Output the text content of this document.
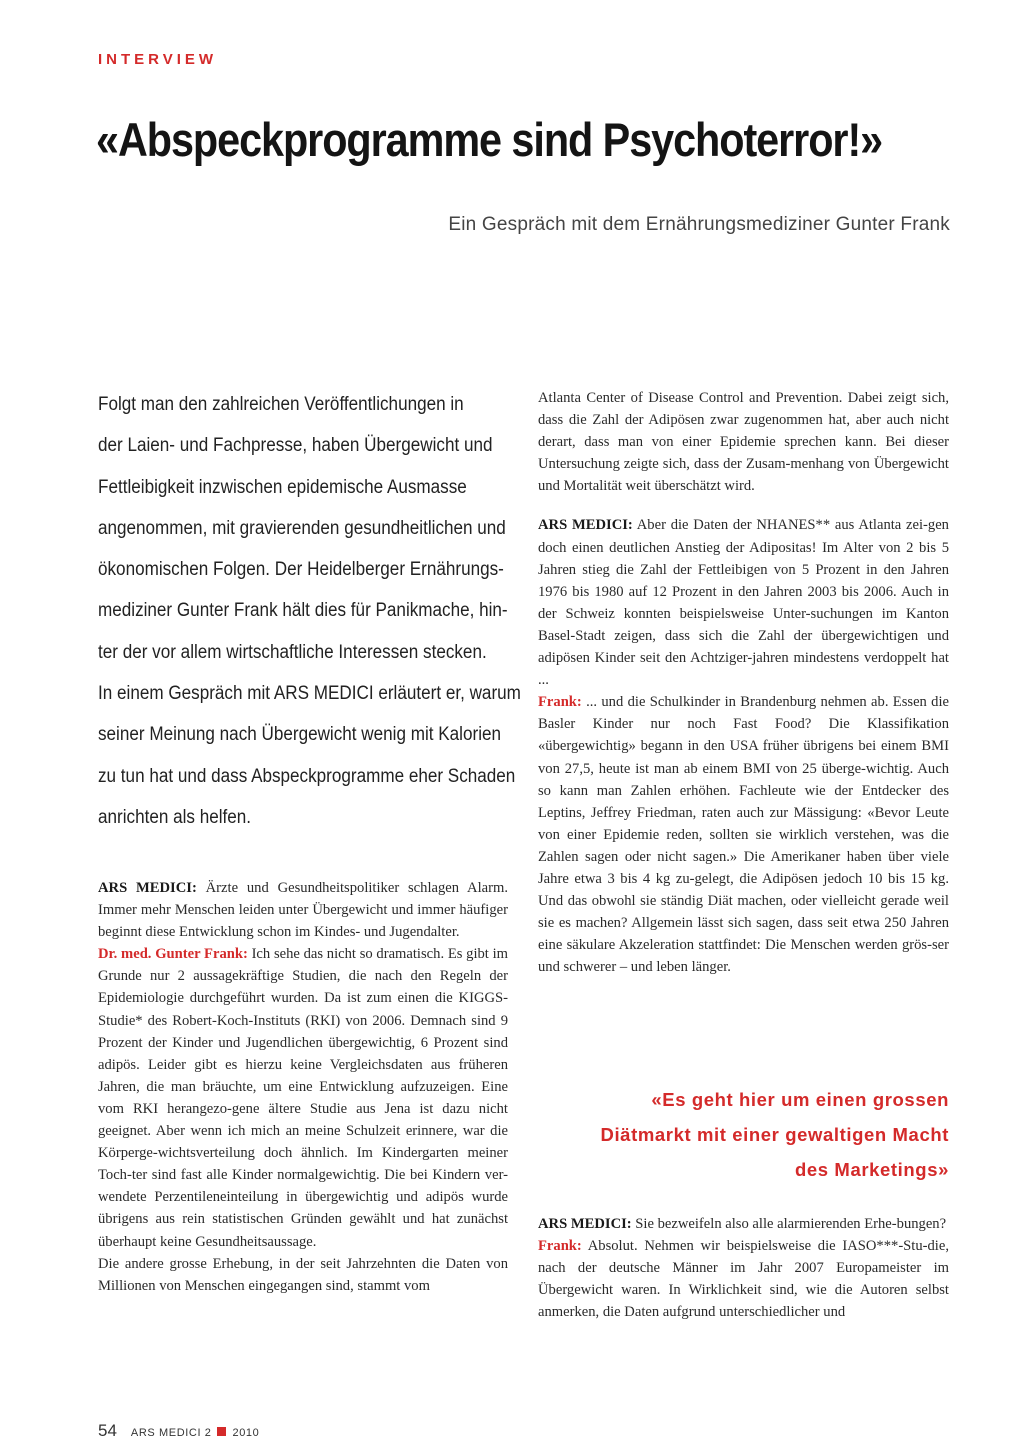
INTERVIEW
«Abspeckprogramme sind Psychoterror!»
Ein Gespräch mit dem Ernährungsmediziner Gunter Frank
Folgt man den zahlreichen Veröffentlichungen in
der Laien- und Fachpresse, haben Übergewicht und
Fettleibigkeit inzwischen epidemische Ausmasse
angenommen, mit gravierenden gesundheitlichen und
ökonomischen Folgen. Der Heidelberger Ernährungs-
mediziner Gunter Frank hält dies für Panikmache, hin-
ter der vor allem wirtschaftliche Interessen stecken.
In einem Gespräch mit ARS MEDICI erläutert er, warum
seiner Meinung nach Übergewicht wenig mit Kalorien
zu tun hat und dass Abspeckprogramme eher Schaden
anrichten als helfen.

ARS MEDICI: Ärzte und Gesundheitspolitiker schlagen Alarm. Immer mehr Menschen leiden unter Übergewicht und immer häufiger beginnt diese Entwicklung schon im Kindes- und Jugendalter.

Dr. med. Gunter Frank: Ich sehe das nicht so dramatisch. Es gibt im Grunde nur 2 aussagekräftige Studien, die nach den Regeln der Epidemiologie durchgeführt wurden. Da ist zum einen die KIGGS-Studie* des Robert-Koch-Instituts (RKI) von 2006. Demnach sind 9 Prozent der Kinder und Jugendlichen übergewichtig, 6 Prozent sind adipös. Leider gibt es hierzu keine Vergleichsdaten aus früheren Jahren, die man bräuchte, um eine Entwicklung aufzuzeigen. Eine vom RKI herangezo-gene ältere Studie aus Jena ist dazu nicht geeignet. Aber wenn ich mich an meine Schulzeit erinnere, war die Körperge-wichtsverteilung doch ähnlich. Im Kindergarten meiner Toch-ter sind fast alle Kinder normalgewichtig. Die bei Kindern ver-wendete Perzentileneinteilung in übergewichtig und adipös wurde übrigens aus rein statistischen Gründen gewählt und hat zunächst überhaupt keine Gesundheitsaussage.

Die andere grosse Erhebung, in der seit Jahrzehnten die Daten von Millionen von Menschen eingegangen sind, stammt vom

Atlanta Center of Disease Control and Prevention. Dabei zeigt sich, dass die Zahl der Adipösen zwar zugenommen hat, aber auch nicht derart, dass man von einer Epidemie sprechen kann. Bei dieser Untersuchung zeigte sich, dass der Zusam-menhang von Übergewicht und Mortalität weit überschätzt wird.

ARS MEDICI: Aber die Daten der NHANES** aus Atlanta zei-gen doch einen deutlichen Anstieg der Adipositas! Im Alter von 2 bis 5 Jahren stieg die Zahl der Fettleibigen von 5 Prozent in den Jahren 1976 bis 1980 auf 12 Prozent in den Jahren 2003 bis 2006. Auch in der Schweiz konnten beispielsweise Unter-suchungen im Kanton Basel-Stadt zeigen, dass sich die Zahl der übergewichtigen und adipösen Kinder seit den Achtziger-jahren mindestens verdoppelt hat ...

Frank: ... und die Schulkinder in Brandenburg nehmen ab. Essen die Basler Kinder nur noch Fast Food? Die Klassifikation «übergewichtig» begann in den USA früher übrigens bei einem BMI von 27,5, heute ist man ab einem BMI von 25 überge-wichtig. Auch so kann man Zahlen erhöhen. Fachleute wie der Entdecker des Leptins, Jeffrey Friedman, raten auch zur Mässigung: «Bevor Leute von einer Epidemie reden, sollten sie wirklich verstehen, was die Zahlen sagen oder nicht sagen.» Die Amerikaner haben über viele Jahre etwa 3 bis 4 kg zu-gelegt, die Adipösen jedoch 10 bis 15 kg. Und das obwohl sie ständig Diät machen, oder vielleicht gerade weil sie es machen? Allgemein lässt sich sagen, dass seit etwa 250 Jahren eine säkulare Akzeleration stattfindet: Die Menschen werden grös-ser und schwerer – und leben länger.

«Es geht hier um einen grossen
Diätmarkt mit einer gewaltigen Macht
des Marketings»

ARS MEDICI: Sie bezweifeln also alle alarmierenden Erhe-bungen?

Frank: Absolut. Nehmen wir beispielsweise die IASO***-Stu-die, nach der deutsche Männer im Jahr 2007 Europameister im Übergewicht waren. In Wirklichkeit sind, wie die Autoren selbst anmerken, die Daten aufgrund unterschiedlicher und

54 ARS MEDICI 2 2010
